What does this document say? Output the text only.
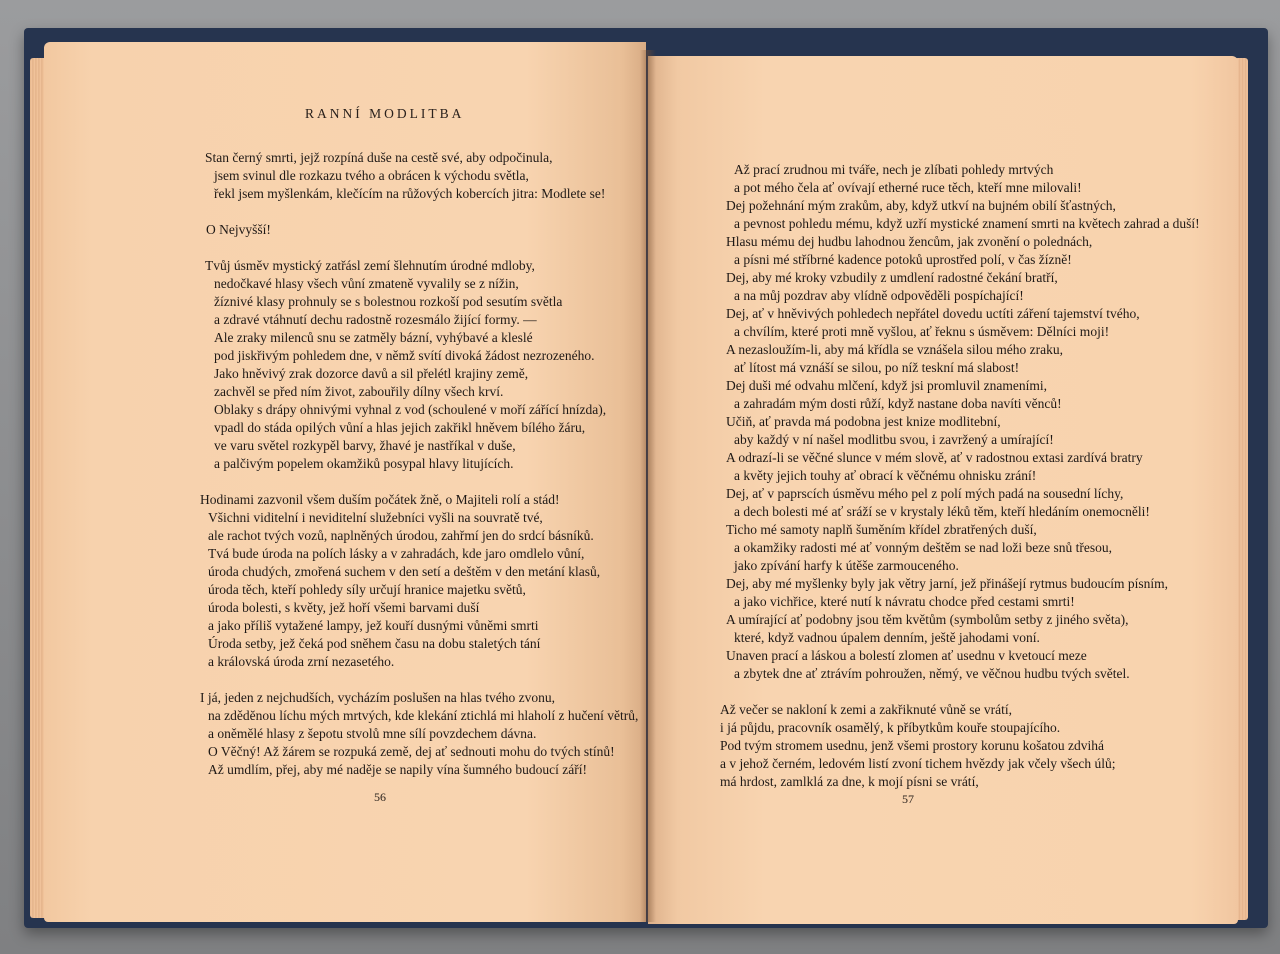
RANNÍ MODLITBA
Stan černý smrti, jejž rozpíná duše na cestě své, aby odpočinula,
jsem svinul dle rozkazu tvého a obrácen k východu světla,
řekl jsem myšlenkám, klečícím na růžových kobercích jitra: Modlete se!
O Nejvyšší!
Tvůj úsměv mystický zatřásl zemí šlehnutím úrodné mdloby,
nedočkavé hlasy všech vůní zmateně vyvalily se z nížin,
žíznivé klasy prohnuly se s bolestnou rozkoší pod sesutím světla
a zdravé vtáhnutí dechu radostně rozesmálo žijící formy. —
Ale zraky milenců snu se zatměly bázní, vyhýbavé a kleslé
pod jiskřivým pohledem dne, v němž svítí divoká žádost nezrozeného.
Jako hněvivý zrak dozorce davů a sil přelétl krajiny země,
zachvěl se před ním život, zabouřily dílny všech krví.
Oblaky s drápy ohnivými vyhnal z vod (schoulené v moří zářící hnízda),
vpadl do stáda opilých vůní a hlas jejich zakřikl hněvem bílého žáru,
ve varu světel rozkypěl barvy, žhavé je nastříkal v duše,
a palčivým popelem okamžiků posypal hlavy litujících.
Hodinami zazvonil všem duším počátek žně, o Majiteli rolí a stád!
Všichni viditelní i neviditelní služebníci vyšli na souvratě tvé,
ale rachot tvých vozů, naplněných úrodou, zahřmí jen do srdcí básníků.
Tvá bude úroda na polích lásky a v zahradách, kde jaro omdlelo vůní,
úroda chudých, zmořená suchem v den setí a deštěm v den metání klasů,
úroda těch, kteří pohledy síly určují hranice majetku světů,
úroda bolesti, s květy, jež hoří všemi barvami duší
a jako příliš vytažené lampy, jež kouří dusnými vůněmi smrti
Úroda setby, jež čeká pod sněhem času na dobu staletých tání
a královská úroda zrní nezasetého.
I já, jeden z nejchudších, vycházím poslušen na hlas tvého zvonu,
na zdědĕnou líchu mých mrtvých, kde klekání ztichlá mi hlaholí z hučení větrů,
a oněmělé hlasy z šepotu stvolů mne sílí povzdechem dávna.
O Věčný! Až žárem se rozpuká země, dej ať sednouti mohu do tvých stínů!
Až umdlím, přej, aby mé naděje se napily vína šumného budoucí září!
56
Až prací zrudnou mi tváře, nech je zlíbati pohledy mrtvých
a pot mého čela ať ovívají etherné ruce těch, kteří mne milovali!
Dej požehnání mým zrakům, aby, když utkví na bujném obilí šťastných,
a pevnost pohledu mému, když uzří mystické znamení smrti na květech zahrad a duší!
Hlasu mému dej hudbu lahodnou žencům, jak zvonění o polednách,
a písni mé stříbrné kadence potoků uprostřed polí, v čas žízně!
Dej, aby mé kroky vzbudily z umdlení radostné čekání bratří,
a na můj pozdrav aby vlídně odpověděli pospíchající!
Dej, ať v hněvivých pohledech nepřátel dovedu uctíti záření tajemství tvého,
a chvílím, které proti mně vyšlou, ať řeknu s úsměvem: Dělníci moji!
A nezasloužím-li, aby má křídla se vznášela silou mého zraku,
ať lítost má vznáší se silou, po níž teskní má slabost!
Dej duši mé odvahu mlčení, když jsi promluvil znameními,
a zahradám mým dosti růží, když nastane doba navíti věnců!
Učiň, ať pravda má podobna jest knize modlitební,
aby každý v ní našel modlitbu svou, i zavržený a umírající!
A odrazí-li se věčné slunce v mém slově, ať v radostnou extasi zardívá bratry
a květy jejich touhy ať obrací k věčnému ohnisku zrání!
Dej, ať v paprscích úsměvu mého pel z polí mých padá na sousední líchy,
a dech bolesti mé ať sráží se v krystaly léků těm, kteří hledáním onemocnělі!
Ticho mé samoty naplň šuměním křídel zbratřených duší,
a okamžiky radosti mé ať vonným deštěm se nad loži beze snů třesou,
jako zpívání harfy k útěše zarmouceného.
Dej, aby mé myšlenky byly jak větry jarní, jež přinášejí rytmus budoucím písním,
a jako vichřice, které nutí k návratu chodce před cestami smrti!
A umírající ať podobny jsou těm květům (symbolům setby z jiného světa),
které, když vadnou úpalem denním, ještě jahodami voní.
Unaven prací a láskou a bolestí zlomen ať usednu v kvetoucí meze
a zbytek dne ať ztrávím pohroužen, němý, ve věčnou hudbu tvých světel.
Až večer se nakloní k zemi a zakřiknuté vůně se vrátí,
i já půjdu, pracovník osamělý, k příbytkům kouře stoupajícího.
Pod tvým stromem usednu, jenž všemi prostory korunu košatou zdvihá
a v jehož černém, ledovém listí zvoní tichem hvězdy jak včely všech úlů;
má hrdost, zamlklá za dne, k mojí písni se vrátí,
57
